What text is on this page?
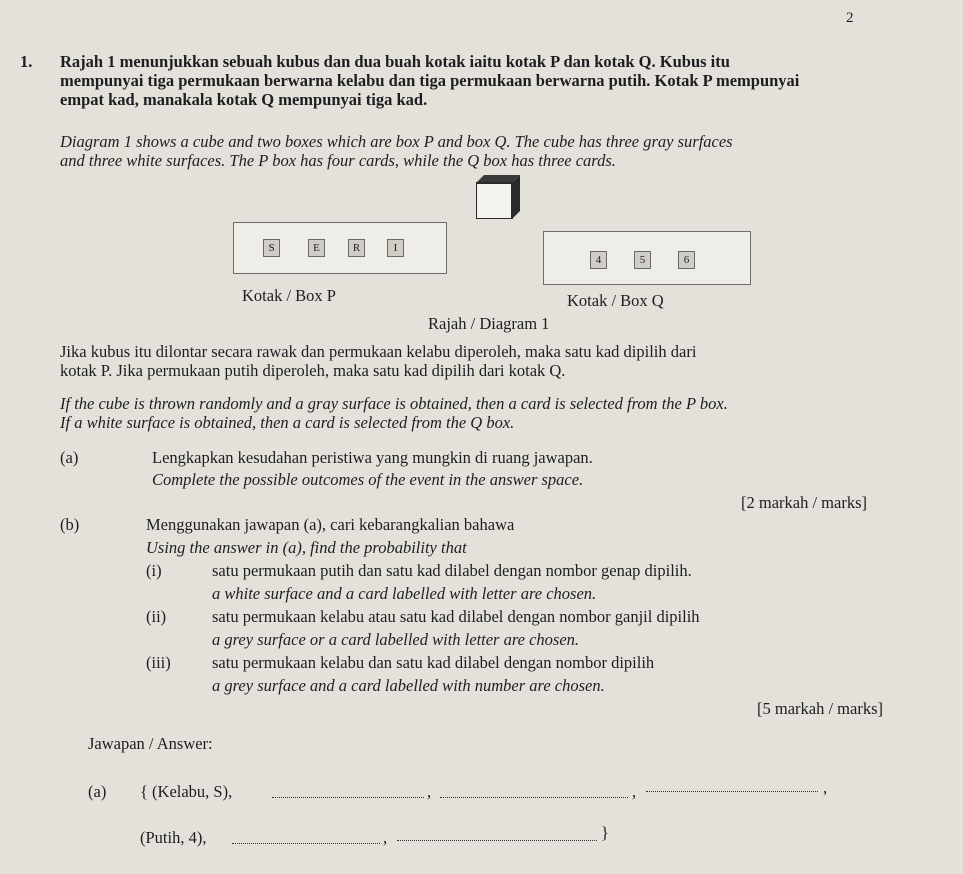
2
1. Rajah 1 menunjukkan sebuah kubus dan dua buah kotak iaitu kotak P dan kotak Q. Kubus itu
mempunyai tiga permukaan berwarna kelabu dan tiga permukaan berwarna putih. Kotak P mempunyai
empat kad, manakala kotak Q mempunyai tiga kad.
Diagram 1 shows a cube and two boxes which are box P and box Q. The cube has three gray surfaces
and three white surfaces. The P box has four cards, while the Q box has three cards.
S	E	R	I
4	5	6
Kotak / Box P	Kotak / Box Q
Rajah / Diagram 1
Jika kubus itu dilontar secara rawak dan permukaan kelabu diperoleh, maka satu kad dipilih dari
kotak P. Jika permukaan putih diperoleh, maka satu kad dipilih dari kotak Q.
If the cube is thrown randomly and a gray surface is obtained, then a card is selected from the P box.
If a white surface is obtained, then a card is selected from the Q box.
(a)	Lengkapkan kesudahan peristiwa yang mungkin di ruang jawapan.
Complete the possible outcomes of the event in the answer space.
[2 markah / marks]
(b)	Menggunakan jawapan (a), cari kebarangkalian bahawa
Using the answer in (a), find the probability that
(i)	satu permukaan putih dan satu kad dilabel dengan nombor genap dipilih.
a white surface and a card labelled with letter are chosen.
(ii)	satu permukaan kelabu atau satu kad dilabel dengan nombor ganjil dipilih
a grey surface or a card labelled with letter are chosen.
(iii)	satu permukaan kelabu dan satu kad dilabel dengan nombor dipilih
a grey surface and a card labelled with number are chosen.
[5 markah / marks]
Jawapan / Answer:
(a) { (Kelabu, S),	,	,	,
(Putih, 4),	,	}
